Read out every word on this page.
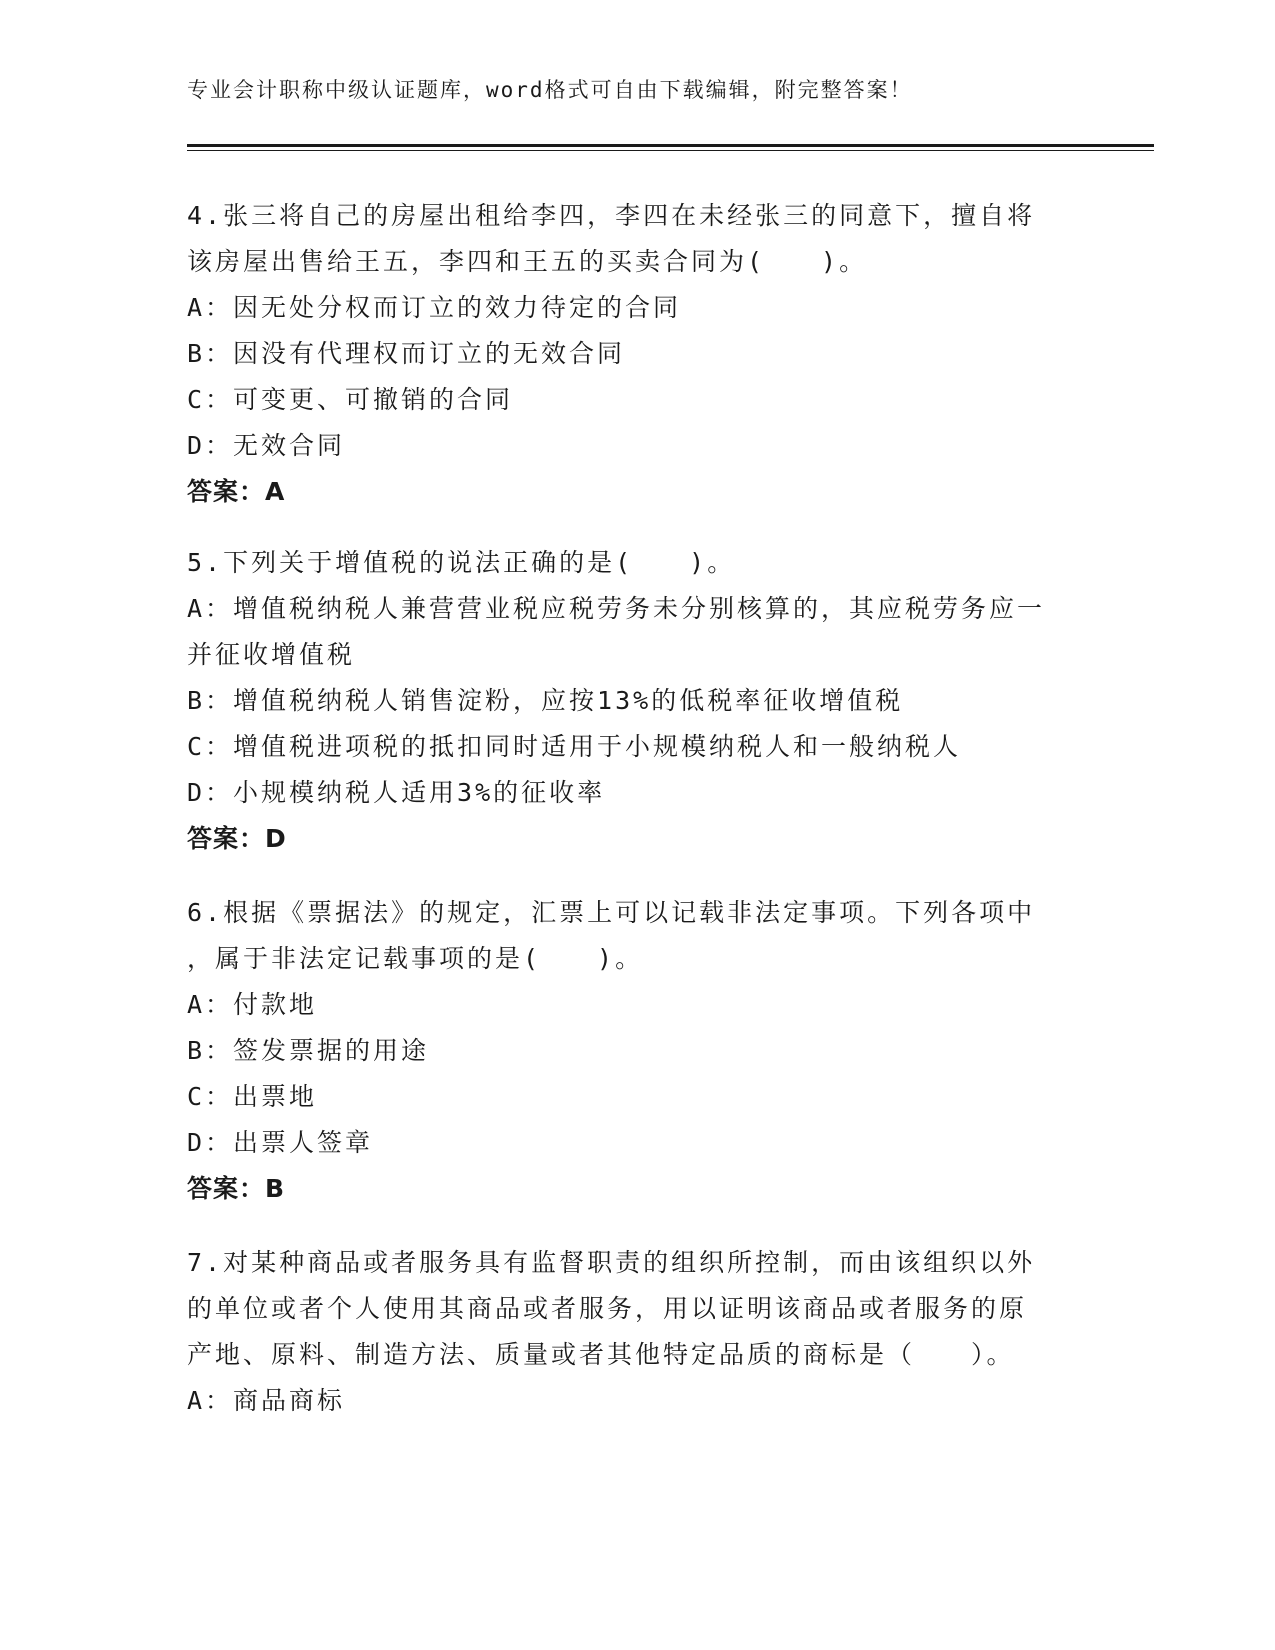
专业会计职称中级认证题库，word格式可自由下载编辑，附完整答案！
4.张三将自己的房屋出租给李四，李四在未经张三的同意下，擅自将
该房屋出售给王五，李四和王五的买卖合同为(　　)。
A：因无处分权而订立的效力待定的合同
B：因没有代理权而订立的无效合同
C：可变更、可撤销的合同
D：无效合同
答案：A
5.下列关于增值税的说法正确的是(　　)。
A：增值税纳税人兼营营业税应税劳务未分别核算的，其应税劳务应一
并征收增值税
B：增值税纳税人销售淀粉，应按13%的低税率征收增值税
C：增值税进项税的抵扣同时适用于小规模纳税人和一般纳税人
D：小规模纳税人适用3%的征收率
答案：D
6.根据《票据法》的规定，汇票上可以记载非法定事项。下列各项中
，属于非法定记载事项的是(　　)。
A：付款地
B：签发票据的用途
C：出票地
D：出票人签章
答案：B
7.对某种商品或者服务具有监督职责的组织所控制，而由该组织以外
的单位或者个人使用其商品或者服务，用以证明该商品或者服务的原
产地、原料、制造方法、质量或者其他特定品质的商标是（　　）。
A：商品商标
